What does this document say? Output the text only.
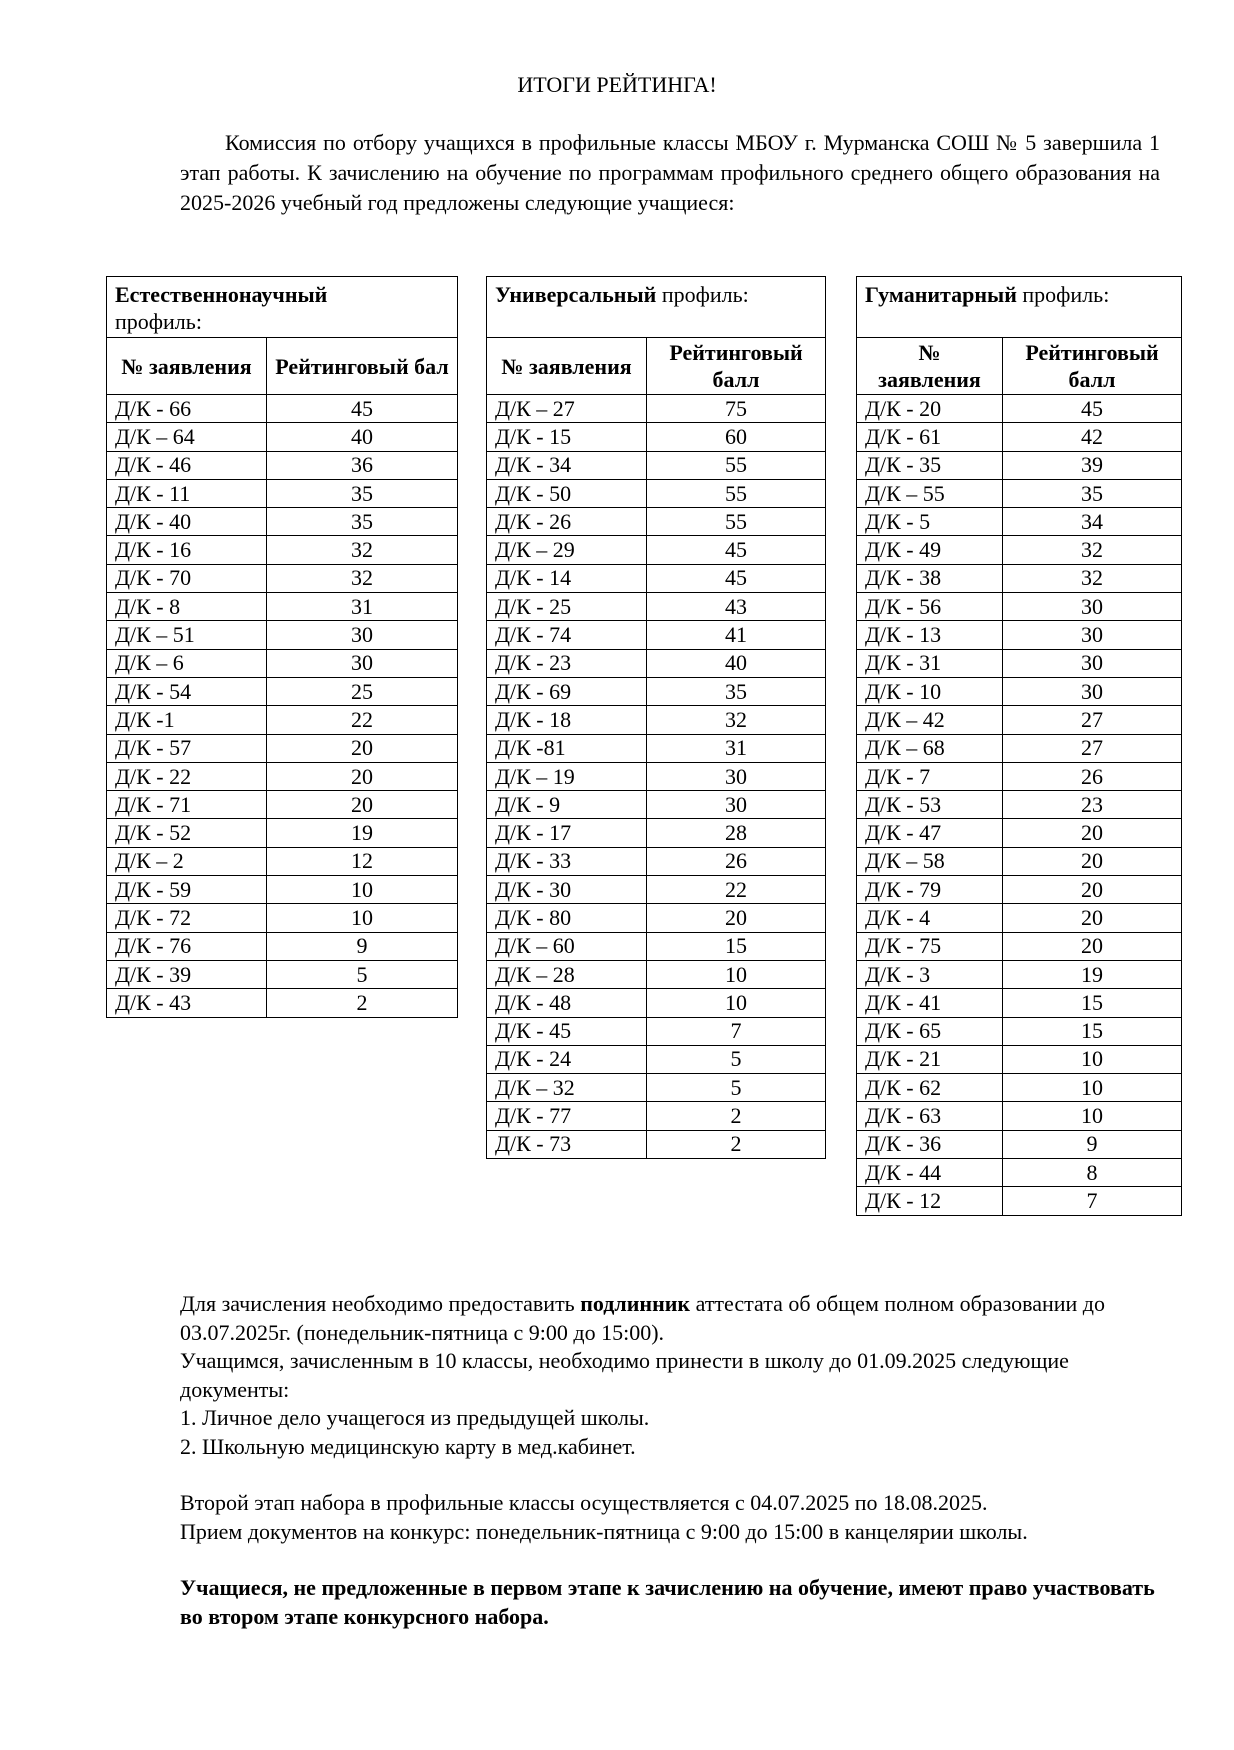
ИТОГИ РЕЙТИНГА!
Комиссия по отбору учащихся в профильные классы МБОУ г. Мурманска СОШ № 5 завершила 1 этап работы. К зачислению на обучение по программам профильного среднего общего образования на 2025-2026 учебный год предложены следующие учащиеся:
Естественнонаучный
профиль:	
№ заявления	Рейтинговый бал
Д/К - 66	45
Д/К – 64	40
Д/К - 46	36
Д/К - 11	35
Д/К - 40	35
Д/К - 16	32
Д/К - 70	32
Д/К - 8	31
Д/К – 51	30
Д/К – 6	30
Д/К - 54	25
Д/К -1	22
Д/К - 57	20
Д/К - 22	20
Д/К - 71	20
Д/К - 52	19
Д/К – 2	12
Д/К - 59	10
Д/К - 72	10
Д/К - 76	9
Д/К - 39	5
Д/К - 43	2
Универсальный профиль:	
№ заявления	Рейтинговый балл
Д/К – 27	75
Д/К - 15	60
Д/К - 34	55
Д/К - 50	55
Д/К - 26	55
Д/К – 29	45
Д/К - 14	45
Д/К - 25	43
Д/К - 74	41
Д/К - 23	40
Д/К - 69	35
Д/К - 18	32
Д/К -81	31
Д/К – 19	30
Д/К - 9	30
Д/К - 17	28
Д/К - 33	26
Д/К - 30	22
Д/К - 80	20
Д/К – 60	15
Д/К – 28	10
Д/К - 48	10
Д/К - 45	7
Д/К - 24	5
Д/К – 32	5
Д/К - 77	2
Д/К - 73	2
Гуманитарный профиль:	
№ заявления	Рейтинговый балл
Д/К - 20	45
Д/К - 61	42
Д/К - 35	39
Д/К – 55	35
Д/К - 5	34
Д/К - 49	32
Д/К - 38	32
Д/К - 56	30
Д/К - 13	30
Д/К - 31	30
Д/К - 10	30
Д/К – 42	27
Д/К – 68	27
Д/К - 7	26
Д/К - 53	23
Д/К - 47	20
Д/К – 58	20
Д/К - 79	20
Д/К - 4	20
Д/К - 75	20
Д/К - 3	19
Д/К - 41	15
Д/К - 65	15
Д/К - 21	10
Д/К - 62	10
Д/К - 63	10
Д/К - 36	9
Д/К - 44	8
Д/К - 12	7

Для зачисления необходимо предоставить подлинник аттестата об общем полном образовании до 03.07.2025г. (понедельник-пятница с 9:00 до 15:00).

Учащимся, зачисленным в 10 классы, необходимо принести в школу до 01.09.2025 следующие документы:

1. Личное дело учащегося из предыдущей школы.

2. Школьную медицинскую карту в мед.кабинет.

Второй этап набора в профильные классы осуществляется с 04.07.2025 по 18.08.2025.

Прием документов на конкурс: понедельник-пятница с 9:00 до 15:00 в канцелярии школы.

Учащиеся, не предложенные в первом этапе к зачислению на обучение, имеют право участвовать во втором этапе конкурсного набора.
